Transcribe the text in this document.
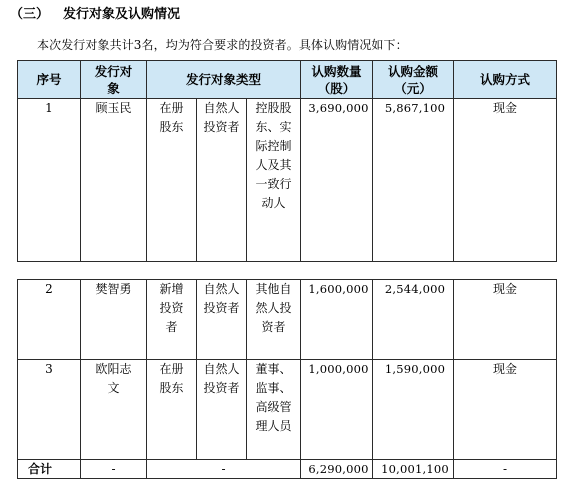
（三） 发行对象及认购情况
本次发行对象共计3名，均为符合要求的投资者。具体认购情况如下：
序号	发行对象	发行对象类型			认购数量（股）	认购金额（元）	认购方式
1	顾玉民	在册股东	自然人投资者	控股股东、实际控制人及其一致行动人	3,690,000	5,867,100	现金
2	樊智勇	新增投资者	自然人投资者	其他自然人投资者	1,600,000	2,544,000	现金
3	欧阳志文	在册股东	自然人投资者	董事、监事、高级管理人员	1,000,000	1,590,000	现金
合计	-	-			6,290,000	10,001,100	-
